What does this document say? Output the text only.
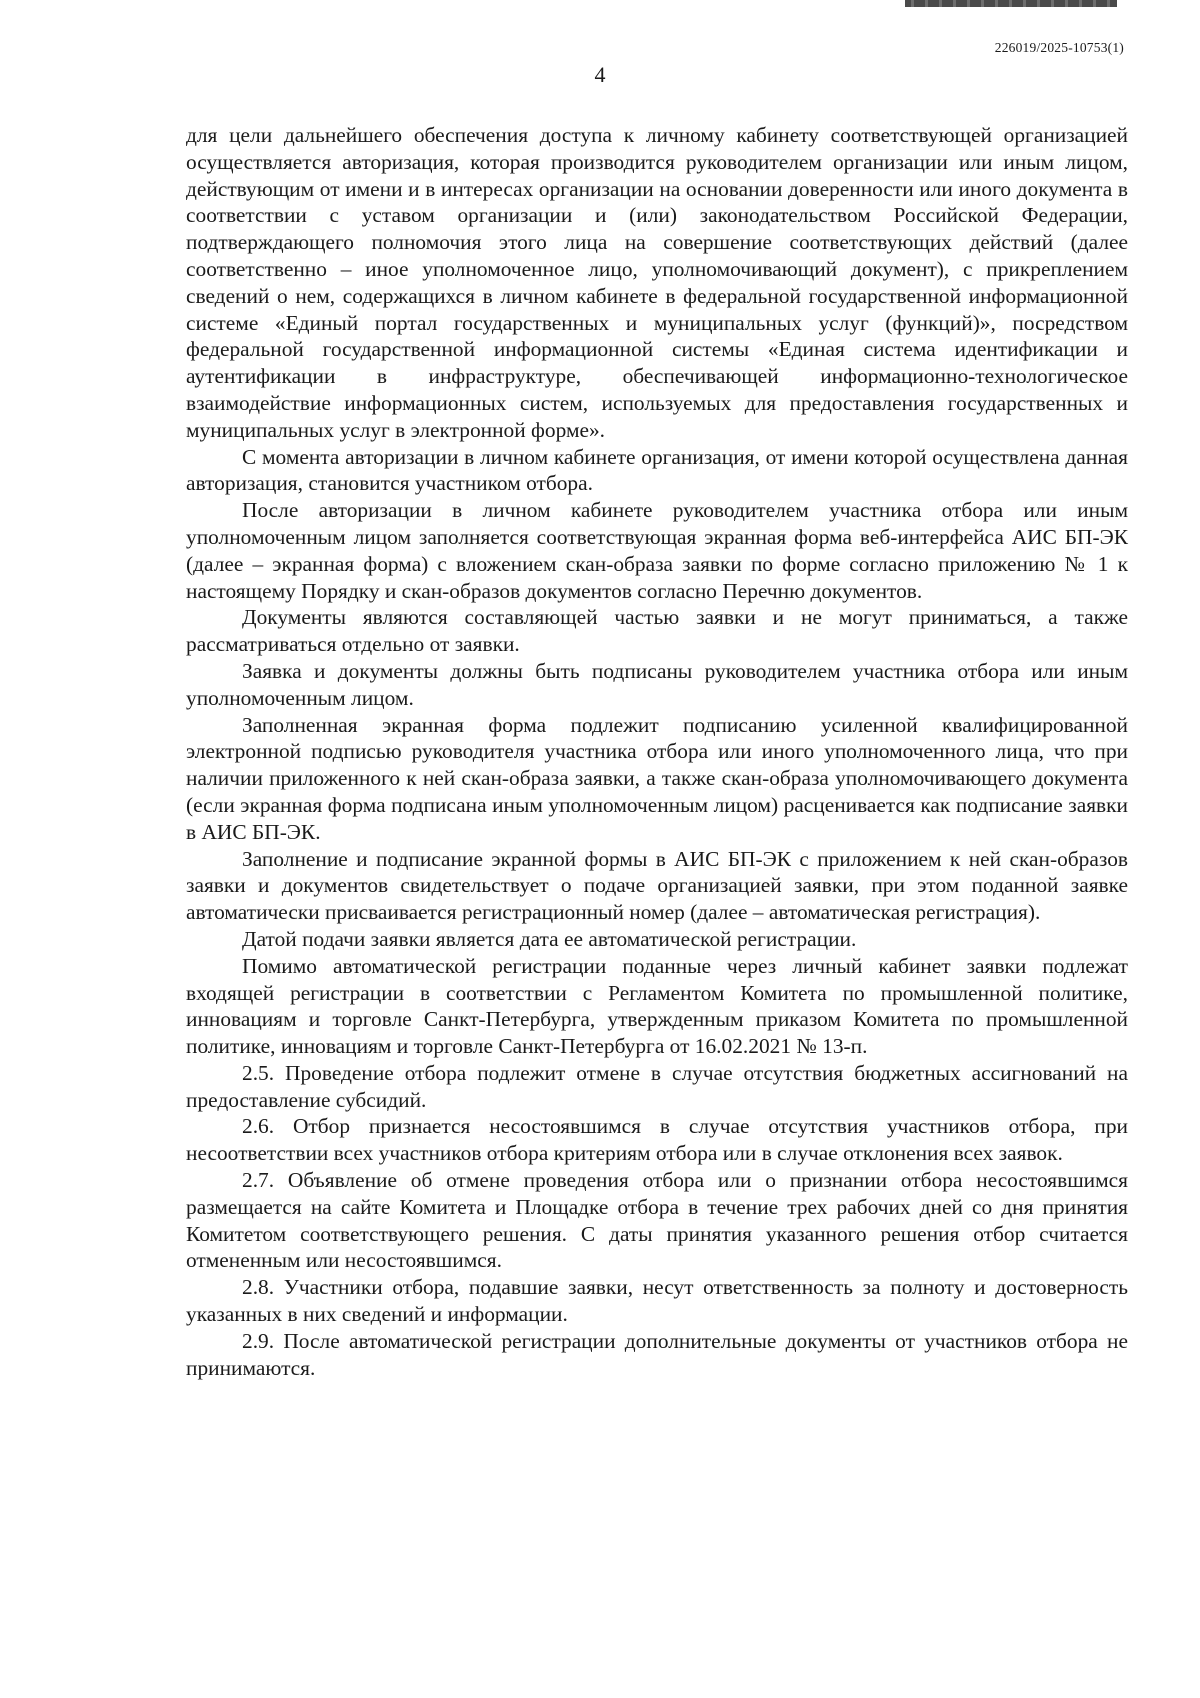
226019/2025-10753(1)
4

для цели дальнейшего обеспечения доступа к личному кабинету соответствующей организацией осуществляется авторизация, которая производится руководителем организации или иным лицом, действующим от имени и в интересах организации на основании доверенности или иного документа в соответствии с уставом организации и (или) законодательством Российской Федерации, подтверждающего полномочия этого лица на совершение соответствующих действий (далее соответственно – иное уполномоченное лицо, уполномочивающий документ), с прикреплением сведений о нем, содержащихся в личном кабинете в федеральной государственной информационной системе «Единый портал государственных и муниципальных услуг (функций)», посредством федеральной государственной информационной системы «Единая система идентификации и аутентификации в инфраструктуре, обеспечивающей информационно-технологическое взаимодействие информационных систем, используемых для предоставления государственных и муниципальных услуг в электронной форме».

С момента авторизации в личном кабинете организация, от имени которой осуществлена данная авторизация, становится участником отбора.

После авторизации в личном кабинете руководителем участника отбора или иным уполномоченным лицом заполняется соответствующая экранная форма веб-интерфейса АИС БП-ЭК (далее – экранная форма) с вложением скан-образа заявки по форме согласно приложению № 1 к настоящему Порядку и скан-образов документов согласно Перечню документов.

Документы являются составляющей частью заявки и не могут приниматься, а также рассматриваться отдельно от заявки.

Заявка и документы должны быть подписаны руководителем участника отбора или иным уполномоченным лицом.

Заполненная экранная форма подлежит подписанию усиленной квалифицированной электронной подписью руководителя участника отбора или иного уполномоченного лица, что при наличии приложенного к ней скан-образа заявки, а также скан-образа уполномочивающего документа (если экранная форма подписана иным уполномоченным лицом) расценивается как подписание заявки в АИС БП-ЭК.

Заполнение и подписание экранной формы в АИС БП-ЭК с приложением к ней скан-образов заявки и документов свидетельствует о подаче организацией заявки, при этом поданной заявке автоматически присваивается регистрационный номер (далее – автоматическая регистрация).

Датой подачи заявки является дата ее автоматической регистрации.

Помимо автоматической регистрации поданные через личный кабинет заявки подлежат входящей регистрации в соответствии с Регламентом Комитета по промышленной политике, инновациям и торговле Санкт-Петербурга, утвержденным приказом Комитета по промышленной политике, инновациям и торговле Санкт-Петербурга от 16.02.2021 № 13-п.

2.5. Проведение отбора подлежит отмене в случае отсутствия бюджетных ассигнований на предоставление субсидий.

2.6. Отбор признается несостоявшимся в случае отсутствия участников отбора, при несоответствии всех участников отбора критериям отбора или в случае отклонения всех заявок.

2.7. Объявление об отмене проведения отбора или о признании отбора несостоявшимся размещается на сайте Комитета и Площадке отбора в течение трех рабочих дней со дня принятия Комитетом соответствующего решения. С даты принятия указанного решения отбор считается отмененным или несостоявшимся.

2.8. Участники отбора, подавшие заявки, несут ответственность за полноту и достоверность указанных в них сведений и информации.

2.9. После автоматической регистрации дополнительные документы от участников отбора не принимаются.
